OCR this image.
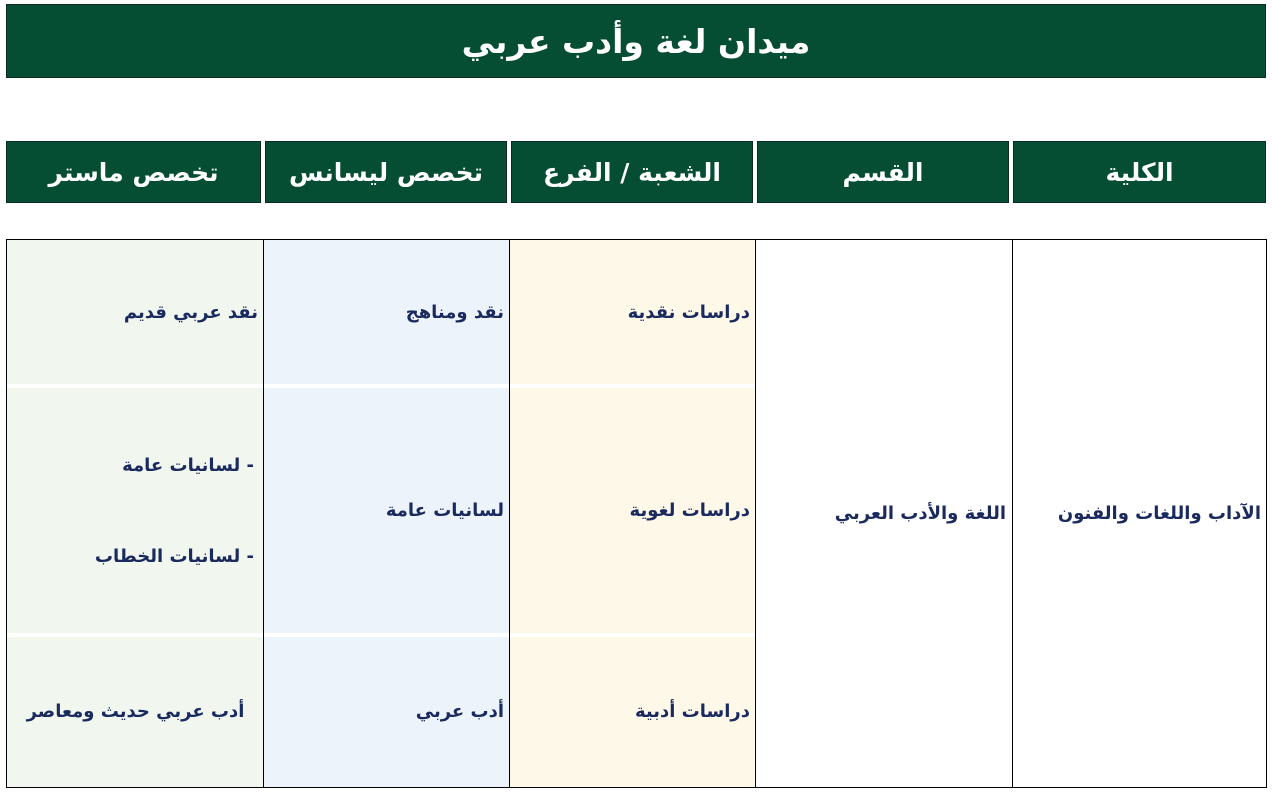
ميدان لغة وأدب عربي
الكلية
القسم
الشعبة / الفرع
تخصص ليسانس
تخصص ماستر
الآداب واللغات والفنون
اللغة والأدب العربي
دراسات نقدية
نقد ومناهج
نقد عربي قديم
دراسات لغوية
لسانيات عامة
- لسانيات عامة
- لسانيات الخطاب
دراسات أدبية
أدب عربي
أدب عربي حديث ومعاصر
